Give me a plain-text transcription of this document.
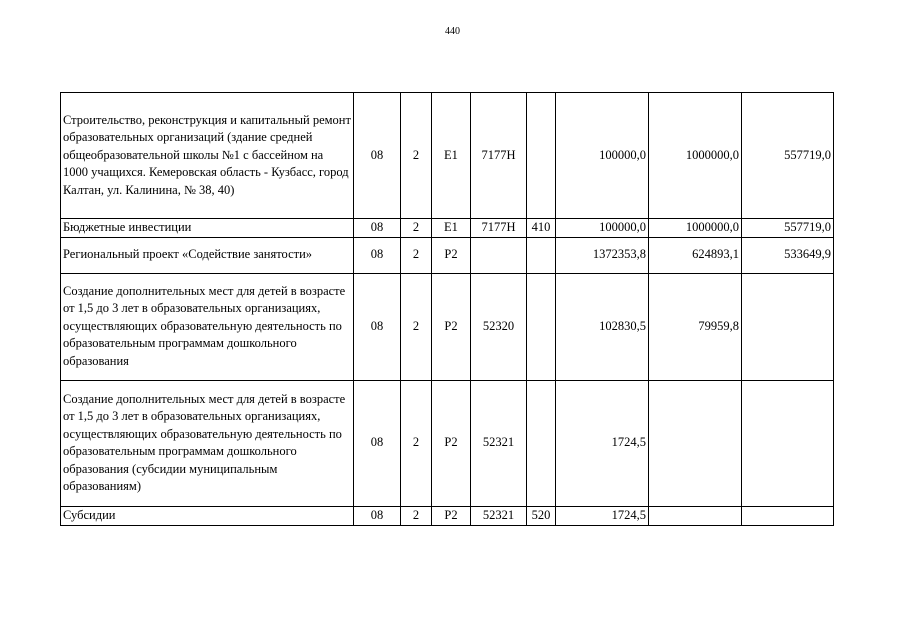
440
Строительство, реконструкция и капитальный ремонт образовательных организаций (здание средней общеобразовательной школы №1 с бассейном на 1000 учащихся. Кемеровская область - Кузбасс, город Калтан, ул. Калинина, № 38, 40)	08	2	E1	7177H		100000,0	1000000,0	557719,0
Бюджетные инвестиции	08	2	E1	7177H	410	100000,0	1000000,0	557719,0
Региональный проект «Содействие занятости»	08	2	P2			1372353,8	624893,1	533649,9
Создание дополнительных мест для детей в возрасте от 1,5 до 3 лет в образовательных организациях, осуществляющих образовательную деятельность по образовательным программам дошкольного образования	08	2	P2	52320		102830,5	79959,8	
Создание дополнительных мест для детей в возрасте от 1,5 до 3 лет в образовательных организациях, осуществляющих образовательную деятельность по образовательным программам дошкольного образования (субсидии муниципальным образованиям)	08	2	P2	52321		1724,5		
Субсидии	08	2	P2	52321	520	1724,5		
